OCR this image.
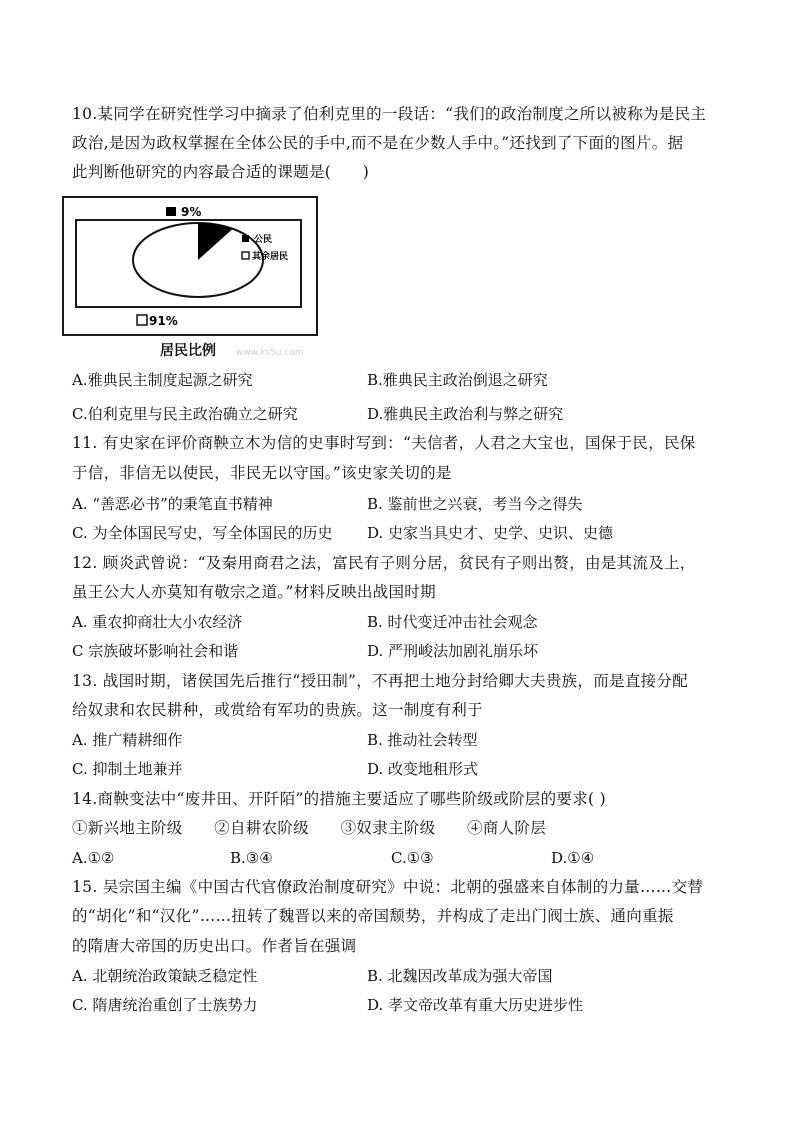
10.某同学在研究性学习中摘录了伯利克里的一段话：“我们的政治制度之所以被称为是民主
政治,是因为政权掌握在全体公民的手中,而不是在少数人手中。”还找到了下面的图片。据
此判断他研究的内容最合适的课题是(　　)
9%
公民
其余居民
91%
居民比例 www.ks5u.com
A.雅典民主制度起源之研究	B.雅典民主政治倒退之研究
C.伯利克里与民主政治确立之研究	D.雅典民主政治利与弊之研究
11. 有史家在评价商鞅立木为信的史事时写到：“夫信者，人君之大宝也，国保于民，民保
于信，非信无以使民，非民无以守国。”该史家关切的是
A. “善恶必书”的秉笔直书精神	B. 鉴前世之兴衰，考当今之得失
C. 为全体国民写史，写全体国民的历史 D. 史家当具史才、史学、史识、史德
12. 顾炎武曾说：“及秦用商君之法，富民有子则分居，贫民有子则出赘，由是其流及上，
虽王公大人亦莫知有敬宗之道。”材料反映出战国时期
A. 重农抑商壮大小农经济	B. 时代变迁冲击社会观念
C 宗族破坏影响社会和谐	D. 严刑峻法加剧礼崩乐坏
13. 战国时期，诸侯国先后推行“授田制”，不再把土地分封给卿大夫贵族，而是直接分配
给奴隶和农民耕种，或赏给有军功的贵族。这一制度有利于
A. 推广精耕细作	B. 推动社会转型
C. 抑制土地兼并	D. 改变地租形式
14.商鞅变法中“废井田、开阡陌”的措施主要适应了哪些阶级或阶层的要求( )
①新兴地主阶级　　②自耕农阶级　　③奴隶主阶级　　④商人阶层
A.①②	B.③④	C.①③	D.①④
15. 吴宗国主编《中国古代官僚政治制度研究》中说：北朝的强盛来自体制的力量……交替
的“胡化”和“汉化”……扭转了魏晋以来的帝国颓势，并构成了走出门阀士族、通向重振
的隋唐大帝国的历史出口。作者旨在强调
A. 北朝统治政策缺乏稳定性	B. 北魏因改革成为强大帝国
C. 隋唐统治重创了士族势力	D. 孝文帝改革有重大历史进步性
